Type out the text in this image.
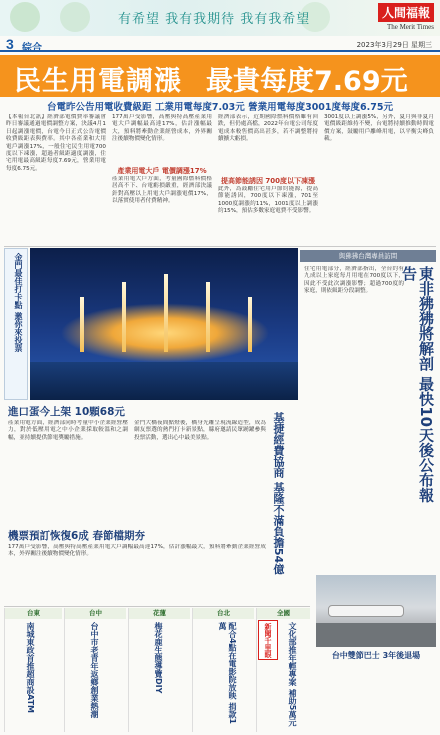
有希望 我有我期待 我有我希望	人間福報
The Merit Times
3 綜合	2023年3月29日 星期三
民生用電調漲 最貴每度7.69元
台電昨公告用電收費級距 工業用電每度7.03元 營業用電每度3001度每度6.75元
【本報台北訊】經濟部電價費率審議會昨日審議通過電價調整方案，決議4月1日起調漲電價，台電今日正式公告電價收費級距表與費率。其中各產業和大用電戶調漲17%，一般住宅民生用電700度以下凍漲，超過者級距適度調漲，住宅用電最高級距每度7.69元，營業用電每度6.75元。
177萬戶受影響，高壓與特高壓產業用電大戶調幅最高達17%，估計漲幅最大，預料將牽動企業經營成本，外界關注後續物價變化情形。
產業用電大戶 電價調漲17%
產業用電大戶方面，考量國際燃料價格居高不下、台電虧損嚴重，經濟部決議針對高壓以上用電大戶調漲電價17%，以落實使用者付費精神。
經濟部表示，近期國際燃料價格雖有回跌，但仍處高檔，2022年台電公司每度電成本較售價高出甚多，若不調整將持續擴大虧損。
提高節能誘因 700度以下凍漲
此外，為鼓勵住宅用戶節約能源，提高節能誘因，700度以下凍漲，701至1000度調漲約11%，1001度以上調漲約15%，預估多數家庭電費不受影響。
3001度以上調漲5%，另外，夏月與非夏月電價級距維持不變，台電將持續推動時間電價方案，鼓勵用戶離峰用電，以平衡尖峰負載。
金門最佳打卡點 邀你來投票	與狒狒台灣專員訪問
東非狒狒將解剖 最快10天後公布報告
住宅用電部分，經濟部指出，全台約有九成以上家庭每月用電在700度以下，因此不受此次調漲影響；超過700度的家庭，則依級距分段調整。
進口蛋今上架 10顆68元
產業用電方面，經濟部同時考量中小企業經營壓力，對於低壓用電之中小企業採取較溫和之調幅，並持續提供節電獎勵措施。
金門大橋夜間點燈後，橋身光雕呈現流線造型，成為網友票選的熱門打卡新景點，縣府邀請民眾踴躍參與投票活動，選出心中最美景點。	基捷經費協商 基隆不滿負擔54億
機票預訂恢復6成 春節檔期夯
177萬戶受影響，高壓與特高壓產業用電大戶調幅最高達17%，估計漲幅最大，預料將牽動企業經營成本，外界關注後續物價變化情形。
台東
南城東政首推超商設ATM
台中
台中市老青年返鄉創業熱潮
花蓮
梅花鹿生態導覽DIY
台北
配合4點在電影院放映 捐款1萬
全國
文化部推年輕專案 補助5萬元
新聞千里眼	台中雙節巴士 3年後退場
